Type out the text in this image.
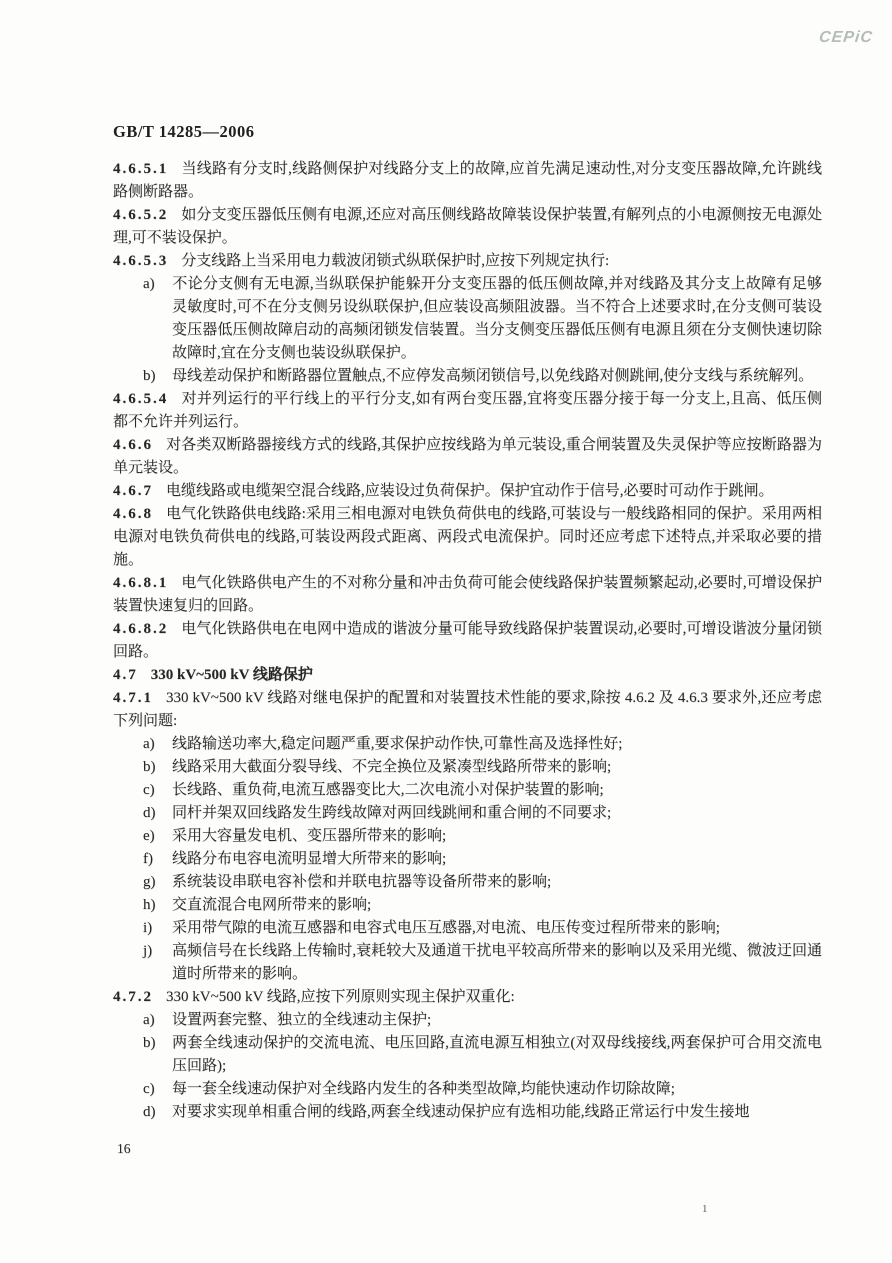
CEPiC
GB/T 14285—2006

4.6.5.1 当线路有分支时,线路侧保护对线路分支上的故障,应首先满足速动性,对分支变压器故障,允许跳线路侧断路器。

4.6.5.2 如分支变压器低压侧有电源,还应对高压侧线路故障装设保护装置,有解列点的小电源侧按无电源处理,可不装设保护。

4.6.5.3 分支线路上当采用电力载波闭锁式纵联保护时,应按下列规定执行:

a) 不论分支侧有无电源,当纵联保护能躲开分支变压器的低压侧故障,并对线路及其分支上故障有足够灵敏度时,可不在分支侧另设纵联保护,但应装设高频阻波器。当不符合上述要求时,在分支侧可装设变压器低压侧故障启动的高频闭锁发信装置。当分支侧变压器低压侧有电源且须在分支侧快速切除故障时,宜在分支侧也装设纵联保护。

b) 母线差动保护和断路器位置触点,不应停发高频闭锁信号,以免线路对侧跳闸,使分支线与系统解列。

4.6.5.4 对并列运行的平行线上的平行分支,如有两台变压器,宜将变压器分接于每一分支上,且高、低压侧都不允许并列运行。

4.6.6 对各类双断路器接线方式的线路,其保护应按线路为单元装设,重合闸装置及失灵保护等应按断路器为单元装设。

4.6.7 电缆线路或电缆架空混合线路,应装设过负荷保护。保护宜动作于信号,必要时可动作于跳闸。

4.6.8 电气化铁路供电线路:采用三相电源对电铁负荷供电的线路,可装设与一般线路相同的保护。采用两相电源对电铁负荷供电的线路,可装设两段式距离、两段式电流保护。同时还应考虑下述特点,并采取必要的措施。

4.6.8.1 电气化铁路供电产生的不对称分量和冲击负荷可能会使线路保护装置频繁起动,必要时,可增设保护装置快速复归的回路。

4.6.8.2 电气化铁路供电在电网中造成的谐波分量可能导致线路保护装置误动,必要时,可增设谐波分量闭锁回路。

4.7 330 kV~500 kV 线路保护

4.7.1 330 kV~500 kV 线路对继电保护的配置和对装置技术性能的要求,除按 4.6.2 及 4.6.3 要求外,还应考虑下列问题:

a) 线路输送功率大,稳定问题严重,要求保护动作快,可靠性高及选择性好;

b) 线路采用大截面分裂导线、不完全换位及紧凑型线路所带来的影响;

c) 长线路、重负荷,电流互感器变比大,二次电流小对保护装置的影响;

d) 同杆并架双回线路发生跨线故障对两回线跳闸和重合闸的不同要求;

e) 采用大容量发电机、变压器所带来的影响;

f) 线路分布电容电流明显增大所带来的影响;

g) 系统装设串联电容补偿和并联电抗器等设备所带来的影响;

h) 交直流混合电网所带来的影响;

i) 采用带气隙的电流互感器和电容式电压互感器,对电流、电压传变过程所带来的影响;

j) 高频信号在长线路上传输时,衰耗较大及通道干扰电平较高所带来的影响以及采用光缆、微波迂回通道时所带来的影响。

4.7.2 330 kV~500 kV 线路,应按下列原则实现主保护双重化:

a) 设置两套完整、独立的全线速动主保护;

b) 两套全线速动保护的交流电流、电压回路,直流电源互相独立(对双母线接线,两套保护可合用交流电压回路);

c) 每一套全线速动保护对全线路内发生的各种类型故障,均能快速动作切除故障;

d) 对要求实现单相重合闸的线路,两套全线速动保护应有选相功能,线路正常运行中发生接地

16
1
